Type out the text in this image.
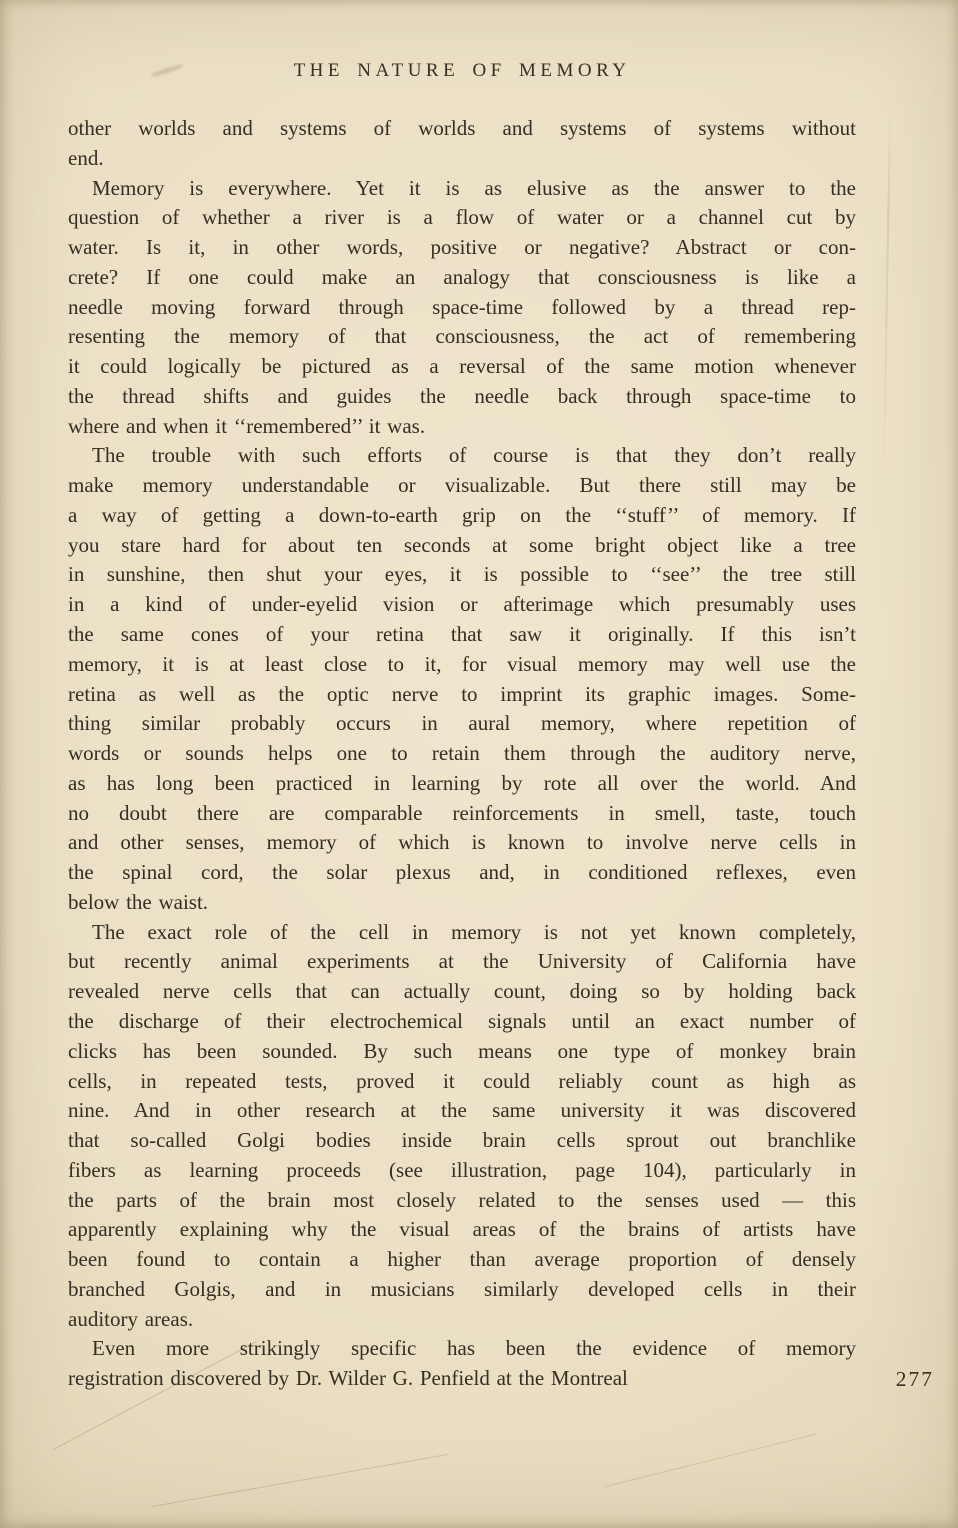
THE NATURE OF MEMORY
other worlds and systems of worlds and systems of systems without
end.
Memory is everywhere. Yet it is as elusive as the answer to the
question of whether a river is a flow of water or a channel cut by
water. Is it, in other words, positive or negative? Abstract or con-
crete? If one could make an analogy that consciousness is like a
needle moving forward through space-time followed by a thread rep-
resenting the memory of that consciousness, the act of remembering
it could logically be pictured as a reversal of the same motion whenever
the thread shifts and guides the needle back through space-time to
where and when it ‘‘remembered’’ it was.
The trouble with such efforts of course is that they don’t really
make memory understandable or visualizable. But there still may be
a way of getting a down-to-earth grip on the ‘‘stuff’’ of memory. If
you stare hard for about ten seconds at some bright object like a tree
in sunshine, then shut your eyes, it is possible to ‘‘see’’ the tree still
in a kind of under-eyelid vision or afterimage which presumably uses
the same cones of your retina that saw it originally. If this isn’t
memory, it is at least close to it, for visual memory may well use the
retina as well as the optic nerve to imprint its graphic images. Some-
thing similar probably occurs in aural memory, where repetition of
words or sounds helps one to retain them through the auditory nerve,
as has long been practiced in learning by rote all over the world. And
no doubt there are comparable reinforcements in smell, taste, touch
and other senses, memory of which is known to involve nerve cells in
the spinal cord, the solar plexus and, in conditioned reflexes, even
below the waist.
The exact role of the cell in memory is not yet known completely,
but recently animal experiments at the University of California have
revealed nerve cells that can actually count, doing so by holding back
the discharge of their electrochemical signals until an exact number of
clicks has been sounded. By such means one type of monkey brain
cells, in repeated tests, proved it could reliably count as high as
nine. And in other research at the same university it was discovered
that so-called Golgi bodies inside brain cells sprout out branchlike
fibers as learning proceeds (see illustration, page 104), particularly in
the parts of the brain most closely related to the senses used — this
apparently explaining why the visual areas of the brains of artists have
been found to contain a higher than average proportion of densely
branched Golgis, and in musicians similarly developed cells in their
auditory areas.
Even more strikingly specific has been the evidence of memory
registration discovered by Dr. Wilder G. Penfield at the Montreal	277
